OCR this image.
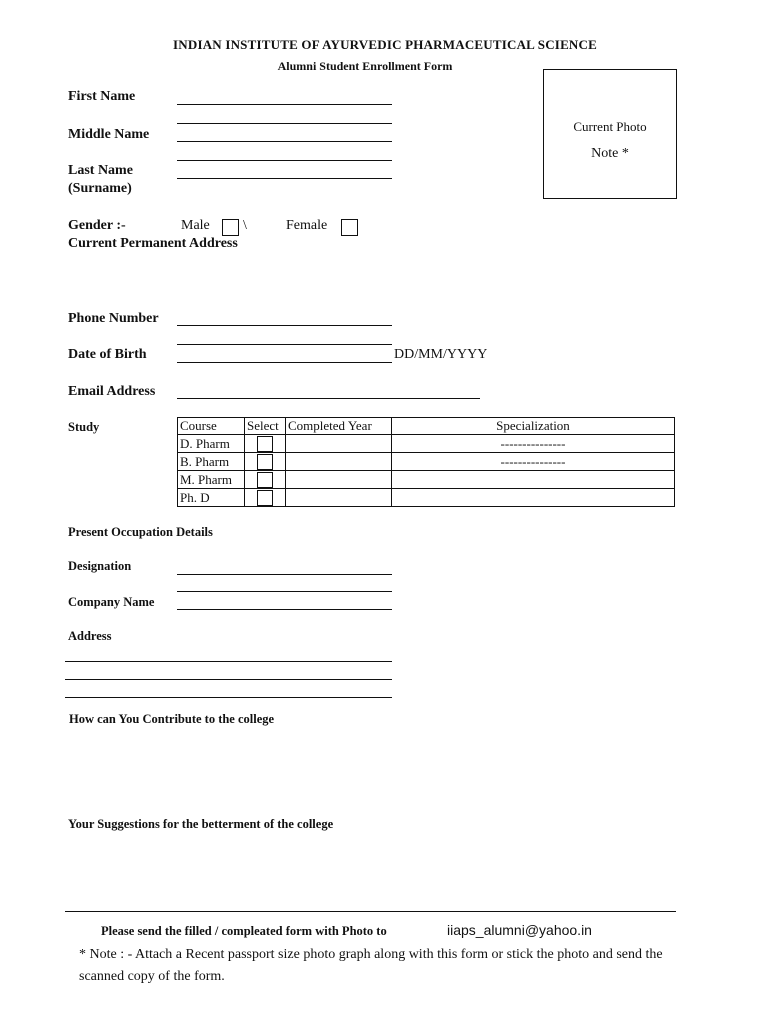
INDIAN INSTITUTE OF AYURVEDIC PHARMACEUTICAL SCIENCE
Alumni Student Enrollment Form
Current Photo
Note *
First Name
Middle Name
Last Name
(Surname)
Gender :-	Male \	Female
Current Permanent Address
Phone Number
Date of Birth	DD/MM/YYYY
Email Address
Study	Course	Select	Completed Year	Specialization
D. Pharm			---------------
B. Pharm			---------------
M. Pharm			
Ph. D			
Present Occupation Details
Designation
Company Name
Address
How can You Contribute to the college
Your Suggestions for the betterment of the college
Please send the filled / compleated form with Photo to	iiaps_alumni@yahoo.in
* Note : - Attach a Recent passport size photo graph along with this form or stick the photo and send the scanned copy of the form.
